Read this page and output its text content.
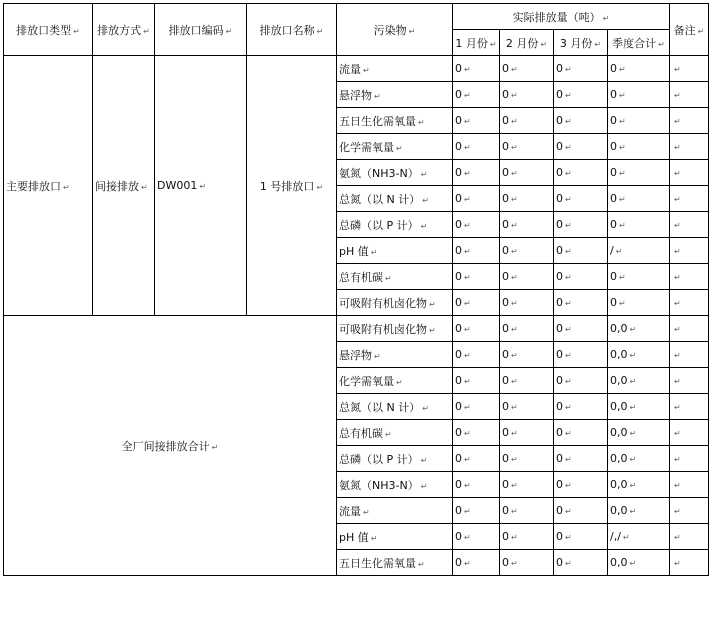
排放口类型 ↵	排放方式 ↵	排放口编码 ↵	排放口名称 ↵	污染物 ↵	实际排放量（吨） ↵				备注 ↵
					1 月份 ↵	2 月份 ↵	3 月份 ↵	季度合计 ↵	
主要排放口 ↵	间接排放 ↵	DW001 ↵	1 号排放口 ↵	流量 ↵	0 ↵	0 ↵	0 ↵	0 ↵	↵
				悬浮物 ↵	0 ↵	0 ↵	0 ↵	0 ↵	↵
				五日生化需氧量 ↵	0 ↵	0 ↵	0 ↵	0 ↵	↵
				化学需氧量 ↵	0 ↵	0 ↵	0 ↵	0 ↵	↵
				氨氮（NH3-N） ↵	0 ↵	0 ↵	0 ↵	0 ↵	↵
				总氮（以 N 计） ↵	0 ↵	0 ↵	0 ↵	0 ↵	↵
				总磷（以 P 计） ↵	0 ↵	0 ↵	0 ↵	0 ↵	↵
				pH 值 ↵	0 ↵	0 ↵	0 ↵	/ ↵	↵
				总有机碳 ↵	0 ↵	0 ↵	0 ↵	0 ↵	↵
				可吸附有机卤化物 ↵	0 ↵	0 ↵	0 ↵	0 ↵	↵
全厂间接排放合计 ↵				可吸附有机卤化物 ↵	0 ↵	0 ↵	0 ↵	0,0 ↵	↵
				悬浮物 ↵	0 ↵	0 ↵	0 ↵	0,0 ↵	↵
				化学需氧量 ↵	0 ↵	0 ↵	0 ↵	0,0 ↵	↵
				总氮（以 N 计） ↵	0 ↵	0 ↵	0 ↵	0,0 ↵	↵
				总有机碳 ↵	0 ↵	0 ↵	0 ↵	0,0 ↵	↵
				总磷（以 P 计） ↵	0 ↵	0 ↵	0 ↵	0,0 ↵	↵
				氨氮（NH3-N） ↵	0 ↵	0 ↵	0 ↵	0,0 ↵	↵
				流量 ↵	0 ↵	0 ↵	0 ↵	0,0 ↵	↵
				pH 值 ↵	0 ↵	0 ↵	0 ↵	/,/ ↵	↵
				五日生化需氧量 ↵	0 ↵	0 ↵	0 ↵	0,0 ↵	↵
